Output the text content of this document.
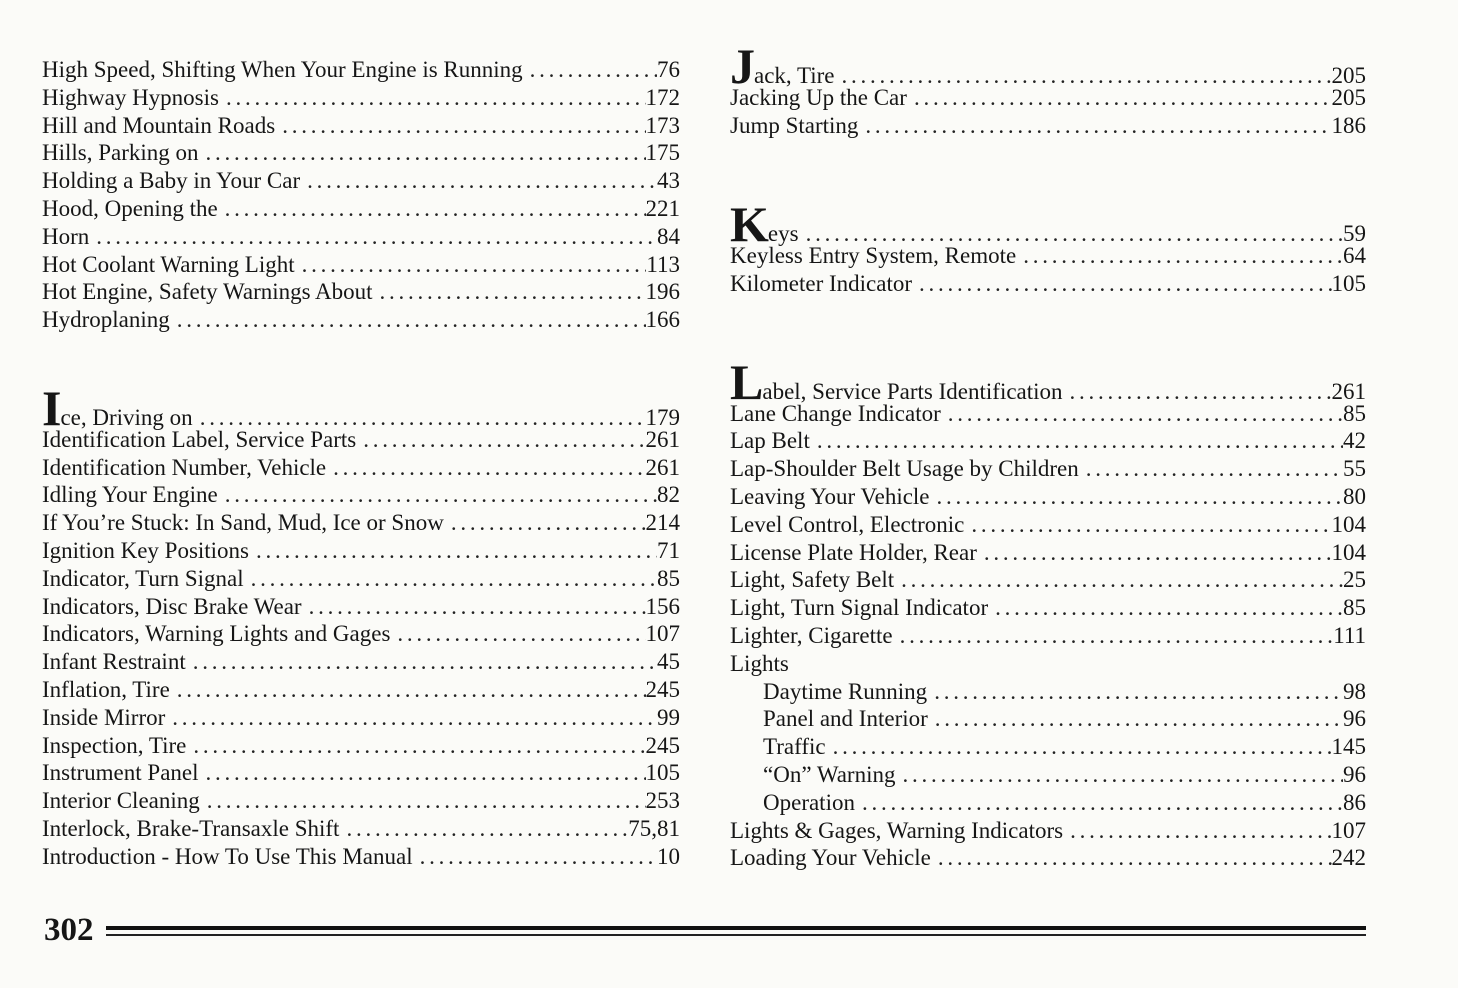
High Speed, Shifting When Your Engine is Running . . .	76
Highway Hypnosis . . .	172
Hill and Mountain Roads . . .	173
Hills, Parking on . . .	175
Holding a Baby in Your Car . . .	43
Hood, Opening the . . .	221
Horn . . .	84
Hot Coolant Warning Light . . .	113
Hot Engine, Safety Warnings About . . .	196
Hydroplaning . . .	166
Ice, Driving on . . .	179
Identification Label, Service Parts . . .	261
Identification Number, Vehicle . . .	261
Idling Your Engine . . .	82
If You’re Stuck: In Sand, Mud, Ice or Snow . . .	214
Ignition Key Positions . . .	71
Indicator, Turn Signal . . .	85
Indicators, Disc Brake Wear . . .	156
Indicators, Warning Lights and Gages . . .	107
Infant Restraint . . .	45
Inflation, Tire . . .	245
Inside Mirror . . .	99
Inspection, Tire . . .	245
Instrument Panel . . .	105
Interior Cleaning . . .	253
Interlock, Brake-Transaxle Shift . . .	75,81
Introduction - How To Use This Manual . . .	10
Jack, Tire . . .	205
Jacking Up the Car . . .	205
Jump Starting . . .	186
Keys . . .	59
Keyless Entry System, Remote . . .	64
Kilometer Indicator . . .	105
Label, Service Parts Identification . . .	261
Lane Change Indicator . . .	85
Lap Belt . . .	42
Lap-Shoulder Belt Usage by Children . . .	55
Leaving Your Vehicle . . .	80
Level Control, Electronic . . .	104
License Plate Holder, Rear . . .	104
Light, Safety Belt . . .	25
Light, Turn Signal Indicator . . .	85
Lighter, Cigarette . . .	111
Lights
Daytime Running . . .	98
Panel and Interior . . .	96
Traffic . . .	145
“On” Warning . . .	96
Operation . . .	86
Lights & Gages, Warning Indicators . . .	107
Loading Your Vehicle . . .	242
302
